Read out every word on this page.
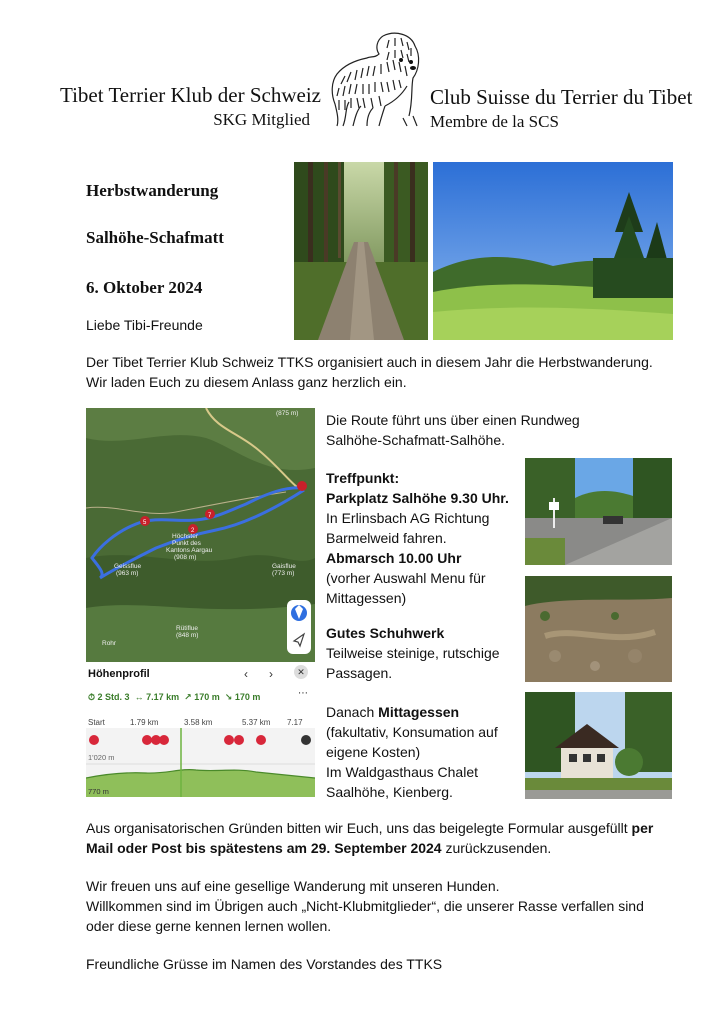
Tibet Terrier Klub der Schweiz
SKG Mitglied
Club Suisse du Terrier du Tibet
Membre de la SCS
Herbstwanderung
Salhöhe-Schafmatt
6. Oktober 2024
Liebe Tibi-Freunde
Der Tibet Terrier Klub Schweiz TTKS organisiert auch in diesem Jahr die Herbstwanderung.
Wir laden Euch zu diesem Anlass ganz herzlich ein.
2
5
7
(875 m)
Höchster
Punkt des
Kantons Aargau
(908 m)
Geissflue
(963 m)
Gaisflue
(773 m)
Rütiflue
(848 m)
Rohr
Höhenprofil	‹ ›	✕
⏱ 2 Std. 3 ↔ 7.17 km ↗ 170 m ↘ 170 m	⋯
Start	1.79 km	3.58 km	5.37 km 7.17
1'020 m
770 m
Die Route führt uns über einen Rundweg
Salhöhe-Schafmatt-Salhöhe.
Treffpunkt:
Parkplatz Salhöhe 9.30 Uhr.
In Erlinsbach AG Richtung
Barmelweid fahren.
Abmarsch 10.00 Uhr
(vorher Auswahl Menu für
Mittagessen)
Gutes Schuhwerk
Teilweise steinige, rutschige
Passagen.
Danach Mittagessen
(fakultativ, Konsumation auf
eigene Kosten)
Im Waldgasthaus Chalet
Saalhöhe, Kienberg.
Aus organisatorischen Gründen bitten wir Euch, uns das beigelegte Formular ausgefüllt per
Mail oder Post bis spätestens am 29. September 2024 zurückzusenden.
Wir freuen uns auf eine gesellige Wanderung mit unseren Hunden.
Willkommen sind im Übrigen auch „Nicht-Klubmitglieder“, die unserer Rasse verfallen sind
oder diese gerne kennen lernen wollen.
Freundliche Grüsse im Namen des Vorstandes des TTKS
